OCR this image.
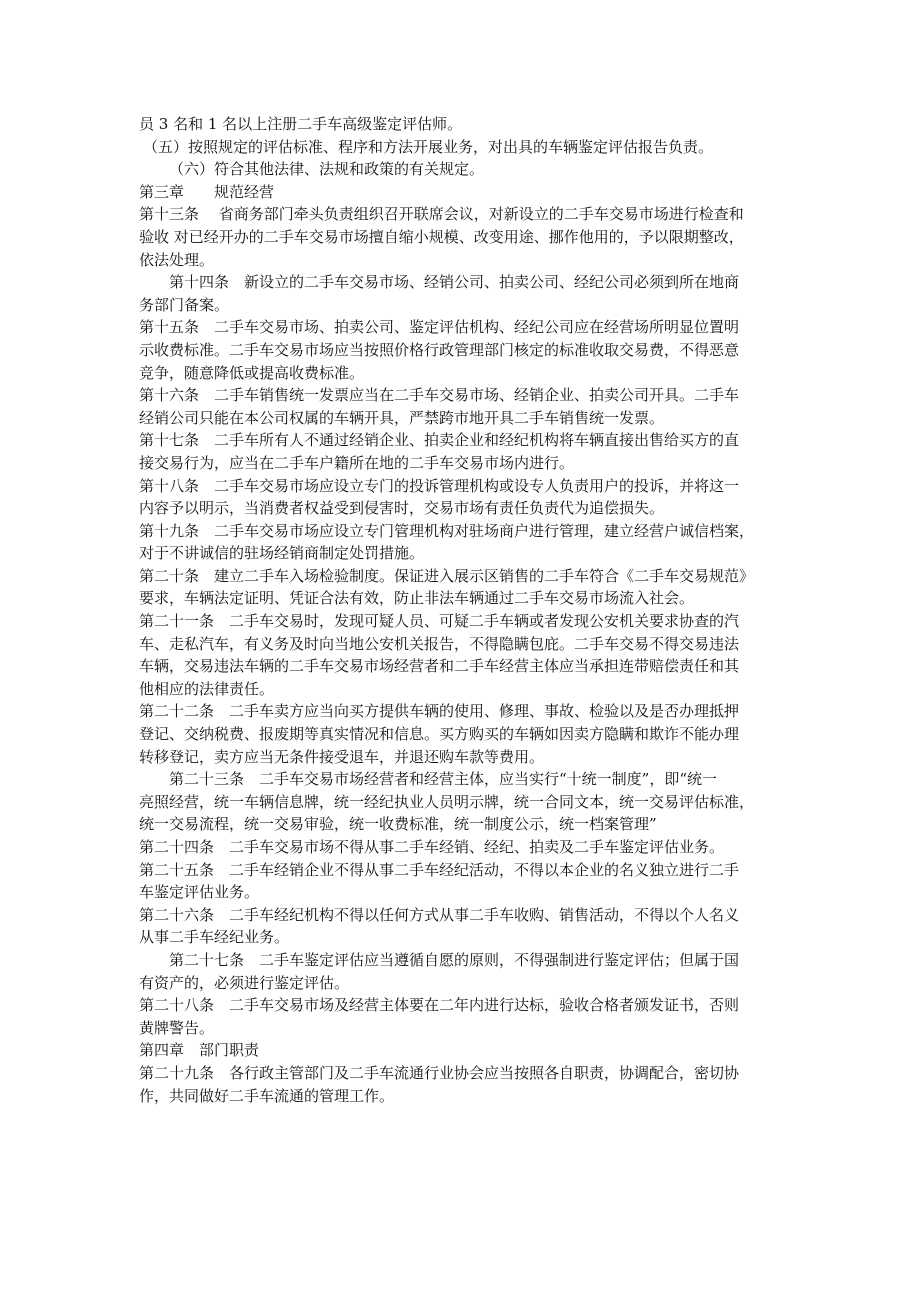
员 3 名和 1 名以上注册二手车高级鉴定评估师。
（五）按照规定的评估标准、程序和方法开展业务，对出具的车辆鉴定评估报告负责。
（六）符合其他法律、法规和政策的有关规定。
第三章　　规范经营
第十三条　 省商务部门牵头负责组织召开联席会议，对新设立的二手车交易市场进行检查和
验收 对已经开办的二手车交易市场擅自缩小规模、改变用途、挪作他用的，予以限期整改，
依法处理。
第十四条　新设立的二手车交易市场、经销公司、拍卖公司、经纪公司必须到所在地商
务部门备案。
第十五条　二手车交易市场、拍卖公司、鉴定评估机构、经纪公司应在经营场所明显位置明
示收费标准。二手车交易市场应当按照价格行政管理部门核定的标准收取交易费，不得恶意
竞争，随意降低或提高收费标准。
第十六条　二手车销售统一发票应当在二手车交易市场、经销企业、拍卖公司开具。二手车
经销公司只能在本公司权属的车辆开具，严禁跨市地开具二手车销售统一发票。
第十七条　二手车所有人不通过经销企业、拍卖企业和经纪机构将车辆直接出售给买方的直
接交易行为，应当在二手车户籍所在地的二手车交易市场内进行。
第十八条　二手车交易市场应设立专门的投诉管理机构或设专人负责用户的投诉，并将这一
内容予以明示，当消费者权益受到侵害时，交易市场有责任负责代为追偿损失。
第十九条　二手车交易市场应设立专门管理机构对驻场商户进行管理，建立经营户诚信档案，
对于不讲诚信的驻场经销商制定处罚措施。
第二十条　建立二手车入场检验制度。保证进入展示区销售的二手车符合《二手车交易规范》
要求，车辆法定证明、凭证合法有效，防止非法车辆通过二手车交易市场流入社会。
第二十一条　二手车交易时，发现可疑人员、可疑二手车辆或者发现公安机关要求协查的汽
车、走私汽车，有义务及时向当地公安机关报告，不得隐瞒包庇。二手车交易不得交易违法
车辆，交易违法车辆的二手车交易市场经营者和二手车经营主体应当承担连带赔偿责任和其
他相应的法律责任。
第二十二条　二手车卖方应当向买方提供车辆的使用、修理、事故、检验以及是否办理抵押
登记、交纳税费、报废期等真实情况和信息。买方购买的车辆如因卖方隐瞒和欺诈不能办理
转移登记，卖方应当无条件接受退车，并退还购车款等费用。
第二十三条　二手车交易市场经营者和经营主体，应当实行“十统一制度”，即“统一
亮照经营，统一车辆信息牌，统一经纪执业人员明示牌，统一合同文本，统一交易评估标准，
统一交易流程，统一交易审验，统一收费标准，统一制度公示，统一档案管理”
第二十四条　二手车交易市场不得从事二手车经销、经纪、拍卖及二手车鉴定评估业务。
第二十五条　二手车经销企业不得从事二手车经纪活动，不得以本企业的名义独立进行二手
车鉴定评估业务。
第二十六条　二手车经纪机构不得以任何方式从事二手车收购、销售活动，不得以个人名义
从事二手车经纪业务。
第二十七条　二手车鉴定评估应当遵循自愿的原则，不得强制进行鉴定评估；但属于国
有资产的，必须进行鉴定评估。
第二十八条　二手车交易市场及经营主体要在二年内进行达标，验收合格者颁发证书，否则
黄牌警告。
第四章　部门职责
第二十九条　各行政主管部门及二手车流通行业协会应当按照各自职责，协调配合，密切协
作，共同做好二手车流通的管理工作。
